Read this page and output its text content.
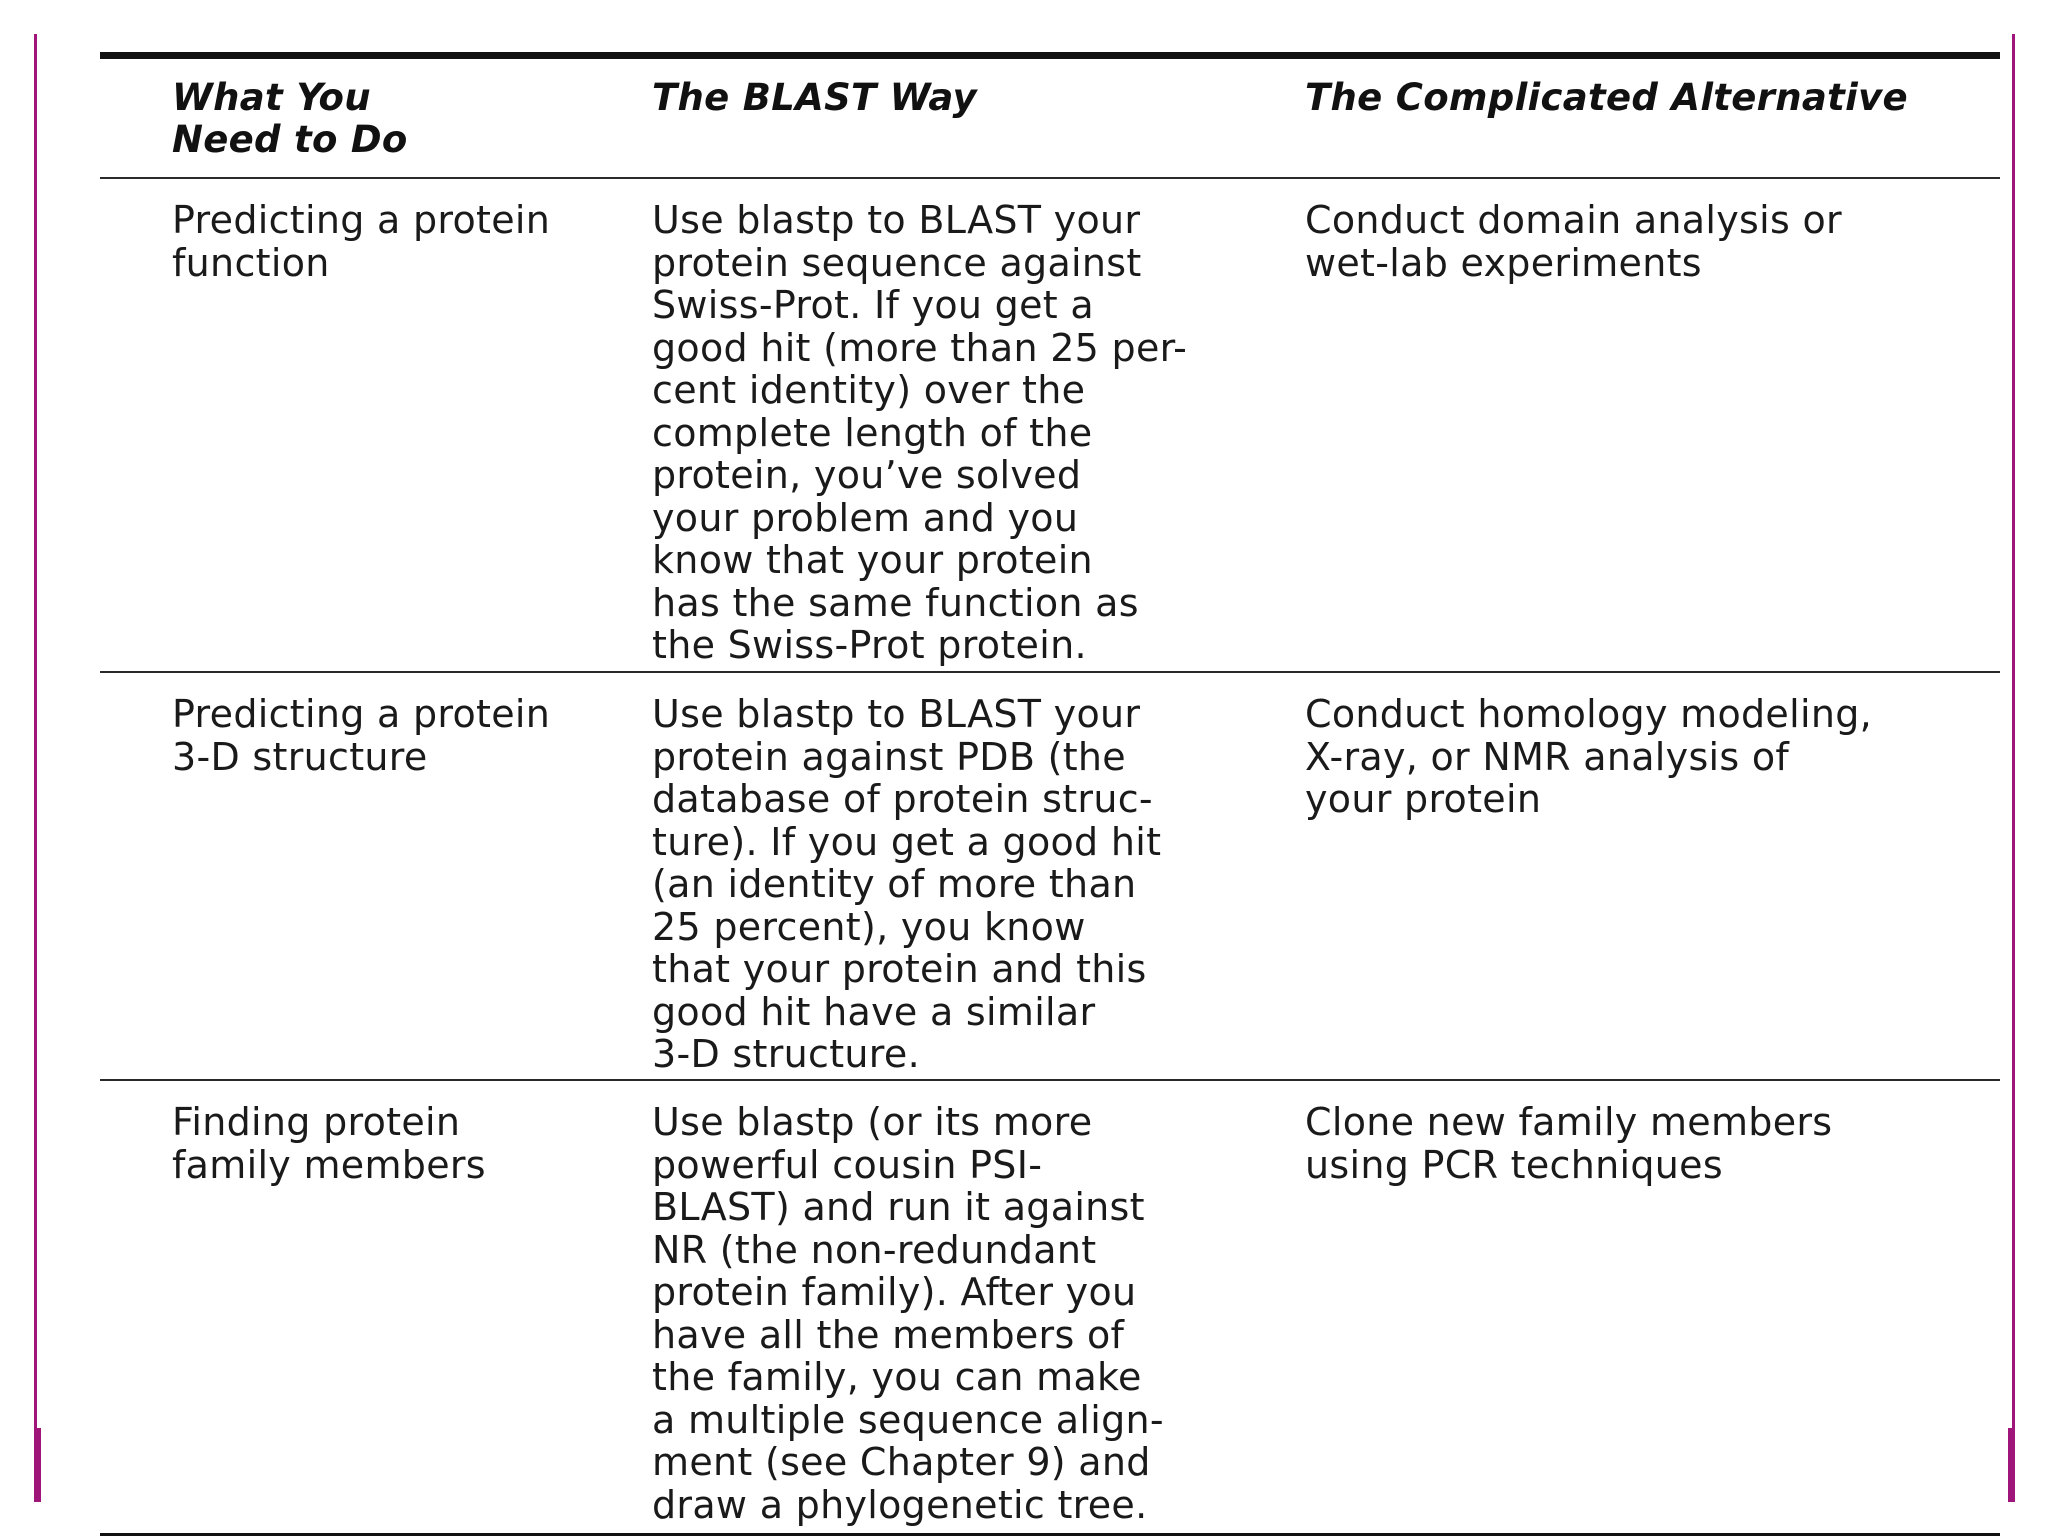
What You
Need to Do
The BLAST Way	The Complicated Alternative
Predicting a protein
function
Use blastp to BLAST your
protein sequence against
Swiss-Prot. If you get a
good hit (more than 25 per-
cent identity) over the
complete length of the
protein, you’ve solved
your problem and you
know that your protein
has the same function as
the Swiss-Prot protein.
Conduct domain analysis or
wet-lab experiments
Predicting a protein
3-D structure
Use blastp to BLAST your
protein against PDB (the
database of protein struc-
ture). If you get a good hit
(an identity of more than
25 percent), you know
that your protein and this
good hit have a similar
3-D structure.
Conduct homology modeling,
X-ray, or NMR analysis of
your protein
Finding protein
family members
Use blastp (or its more
powerful cousin PSI-
BLAST) and run it against
NR (the non-redundant
protein family). After you
have all the members of
the family, you can make
a multiple sequence align-
ment (see Chapter 9) and
draw a phylogenetic tree.
Clone new family members
using PCR techniques
